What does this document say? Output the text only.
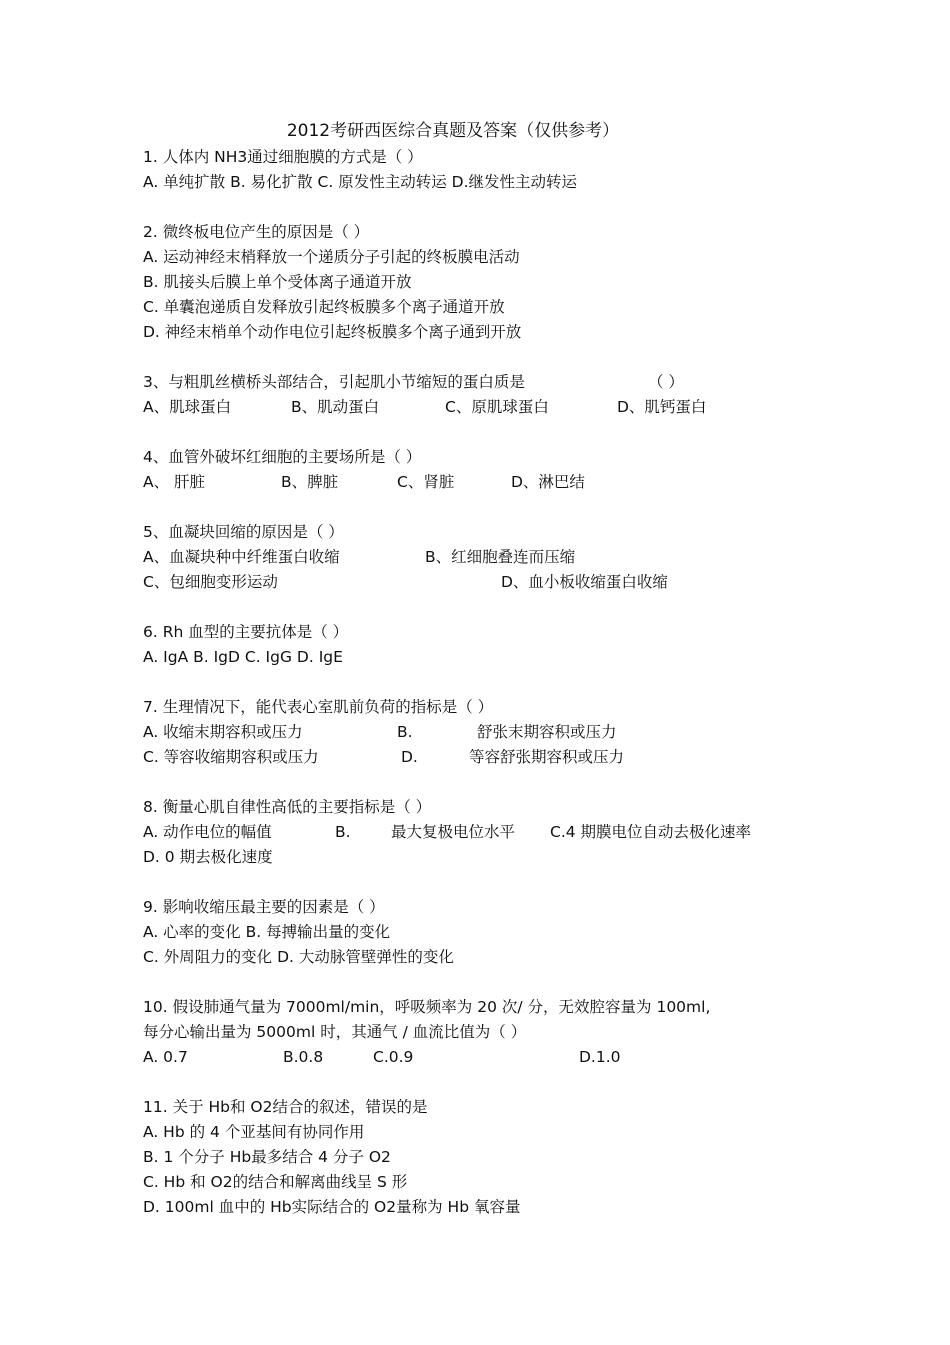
2012考研西医综合真题及答案（仅供参考）
1. 人体内 NH3通过细胞膜的方式是（ ）
A. 单纯扩散 B. 易化扩散 C. 原发性主动转运 D.继发性主动转运
2. 微终板电位产生的原因是（ ）
A. 运动神经末梢释放一个递质分子引起的终板膜电活动
B. 肌接头后膜上单个受体离子通道开放
C. 单囊泡递质自发释放引起终板膜多个离子通道开放
D. 神经末梢单个动作电位引起终板膜多个离子通到开放
3、与粗肌丝横桥头部结合，引起肌小节缩短的蛋白质是	（ ）
A、肌球蛋白	B、肌动蛋白	C、原肌球蛋白	D、肌钙蛋白
4、血管外破坏红细胞的主要场所是（ ）
A、 肝脏	B、脾脏	C、肾脏	D、淋巴结
5、血凝块回缩的原因是（ ）
A、血凝块种中纤维蛋白收缩	B、红细胞叠连而压缩
C、包细胞变形运动	D、血小板收缩蛋白收缩
6. Rh 血型的主要抗体是（ ）
A. IgA B. IgD C. IgG D. IgE
7. 生理情况下，能代表心室肌前负荷的指标是（ ）
A. 收缩末期容积或压力	B.	舒张末期容积或压力
C. 等容收缩期容积或压力	D.	等容舒张期容积或压力
8. 衡量心肌自律性高低的主要指标是（ ）
A. 动作电位的幅值	B.	最大复极电位水平 C.4 期膜电位自动去极化速率
D. 0 期去极化速度
9. 影响收缩压最主要的因素是（ ）
A. 心率的变化 B. 每搏输出量的变化
C. 外周阻力的变化 D. 大动脉管壁弹性的变化
10. 假设肺通气量为 7000ml/min，呼吸频率为 20 次/ 分，无效腔容量为 100ml,
每分心输出量为 5000ml 时，其通气 / 血流比值为（ ）
A. 0.7	B.0.8	C.0.9	D.1.0
11. 关于 Hb和 O2结合的叙述，错误的是
A. Hb 的 4 个亚基间有协同作用
B. 1 个分子 Hb最多结合 4 分子 O2
C. Hb 和 O2的结合和解离曲线呈 S 形
D. 100ml 血中的 Hb实际结合的 O2量称为 Hb 氧容量
